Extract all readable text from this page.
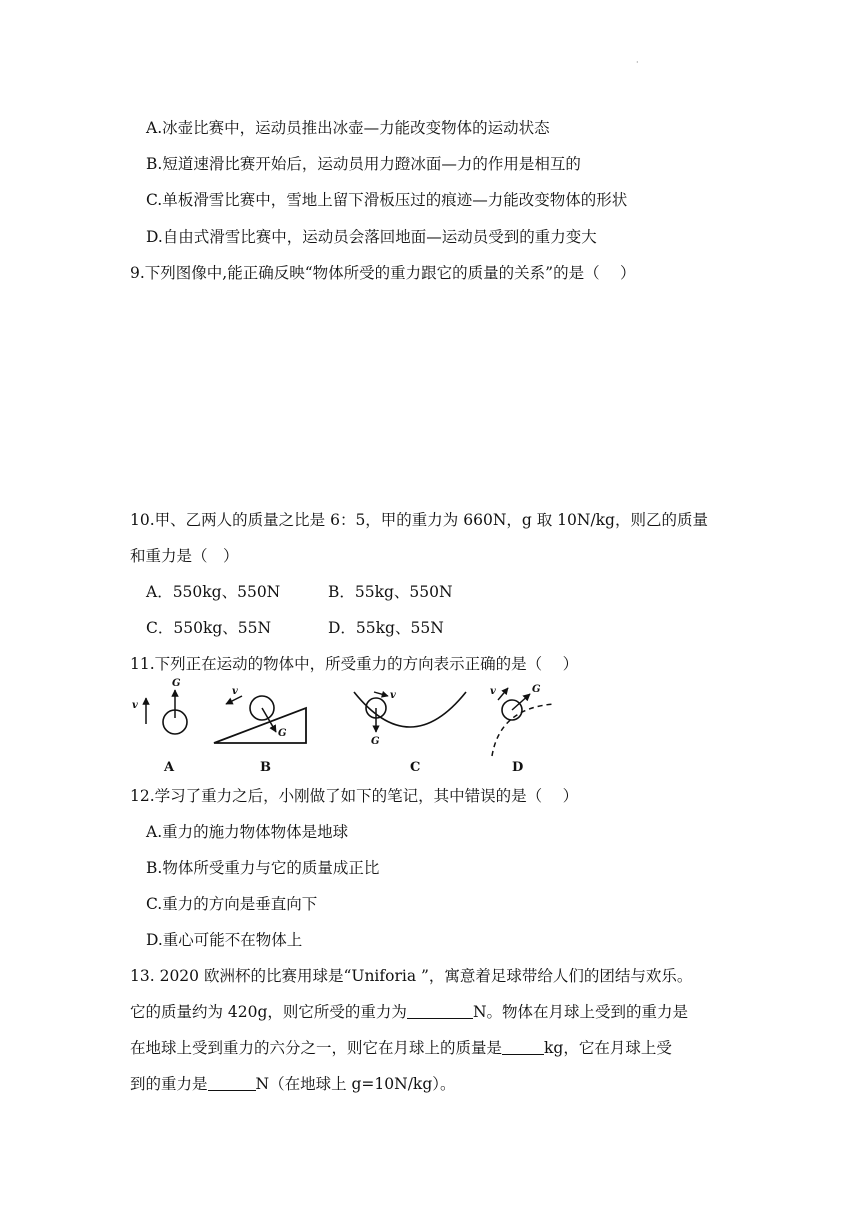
·
A.冰壶比赛中，运动员推出冰壶—力能改变物体的运动状态
B.短道速滑比赛开始后，运动员用力蹬冰面—力的作用是相互的
C.单板滑雪比赛中，雪地上留下滑板压过的痕迹—力能改变物体的形状
D.自由式滑雪比赛中，运动员会落回地面—运动员受到的重力变大
9.下列图像中,能正确反映“物体所受的重力跟它的质量的关系”的是（　 ）
10.甲、乙两人的质量之比是 6：5，甲的重力为 660N，g 取 10N/kg，则乙的质量
和重力是（　）
A．550kg、550N	B．55kg、550N
C．550kg、55N	D．55kg、55N
11.下列正在运动的物体中，所受重力的方向表示正确的是（　 ）
v
G
A
v
G
B
v
G
C
v	G
D
12.学习了重力之后，小刚做了如下的笔记，其中错误的是（　 ）
A.重力的施力物体物体是地球
B.物体所受重力与它的质量成正比
C.重力的方向是垂直向下
D.重心可能不在物体上
13. 2020 欧洲杯的比赛用球是“Uniforia ”，寓意着足球带给人们的团结与欢乐。
它的质量约为 420g，则它所受的重力为	N。物体在月球上受到的重力是
在地球上受到重力的六分之一，则它在月球上的质量是	kg，它在月球上受
到的重力是	N（在地球上 g=10N/kg）。
